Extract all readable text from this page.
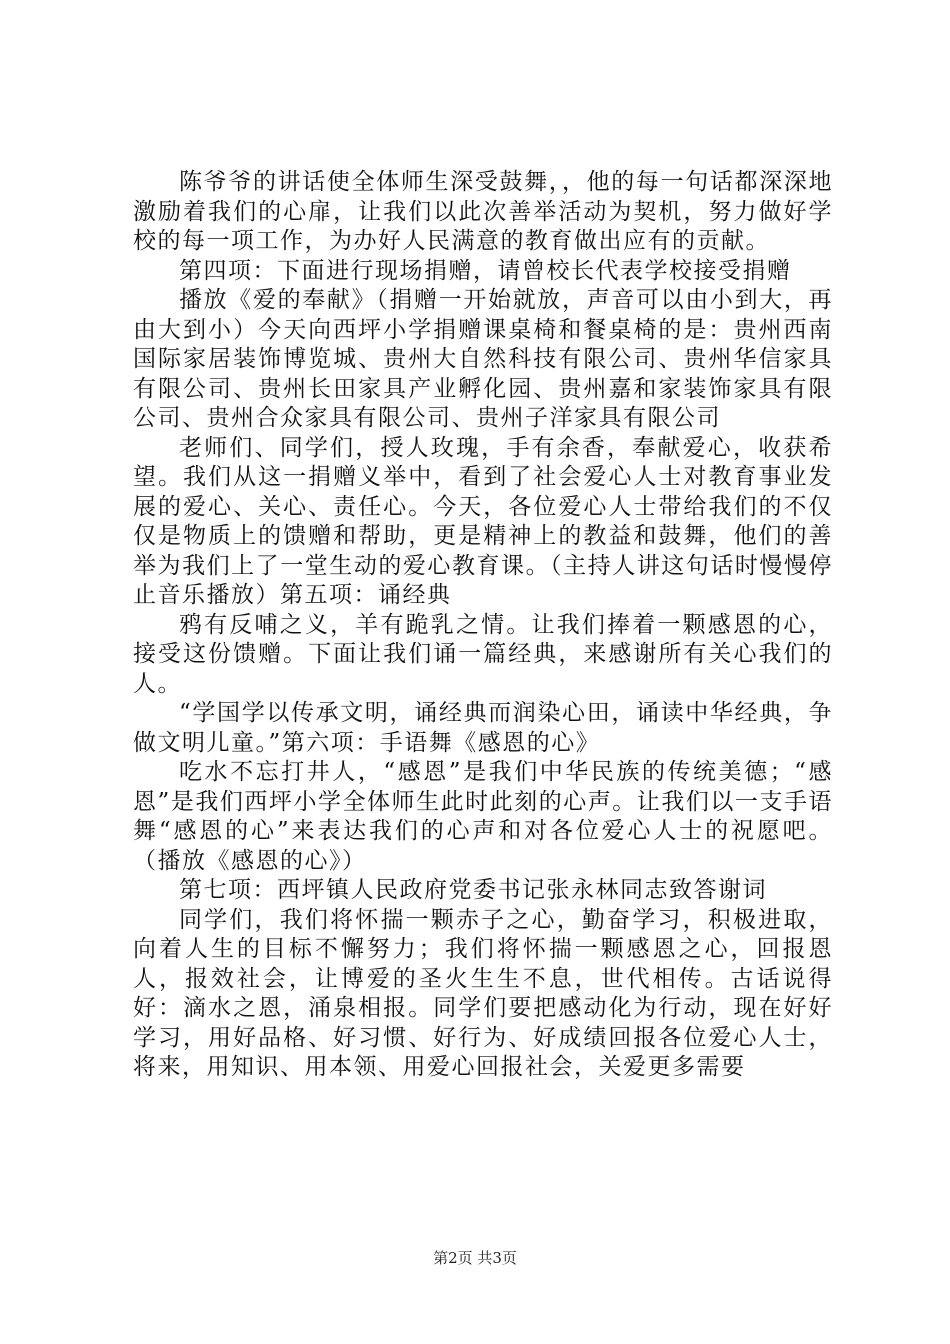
陈爷爷的讲话使全体师生深受鼓舞，，他的每一句话都深深地激励着我们的心扉，让我们以此次善举活动为契机，努力做好学校的每一项工作，为办好人民满意的教育做出应有的贡献。

第四项：下面进行现场捐赠，请曾校长代表学校接受捐赠

播放《爱的奉献》（捐赠一开始就放，声音可以由小到大，再由大到小）今天向西坪小学捐赠课桌椅和餐桌椅的是：贵州西南国际家居装饰博览城、贵州大自然科技有限公司、贵州华信家具有限公司、贵州长田家具产业孵化园、贵州嘉和家装饰家具有限公司、贵州合众家具有限公司、贵州子洋家具有限公司

老师们、同学们，授人玫瑰，手有余香，奉献爱心，收获希望。我们从这一捐赠义举中，看到了社会爱心人士对教育事业发展的爱心、关心、责任心。今天，各位爱心人士带给我们的不仅仅是物质上的馈赠和帮助，更是精神上的教益和鼓舞，他们的善举为我们上了一堂生动的爱心教育课。（主持人讲这句话时慢慢停止音乐播放）第五项：诵经典

鸦有反哺之义，羊有跪乳之情。让我们捧着一颗感恩的心，接受这份馈赠。下面让我们诵一篇经典，来感谢所有关心我们的人。

“学国学以传承文明，诵经典而润染心田，诵读中华经典，争做文明儿童。”第六项：手语舞《感恩的心》

吃水不忘打井人，“感恩”是我们中华民族的传统美德；“感恩”是我们西坪小学全体师生此时此刻的心声。让我们以一支手语舞“感恩的心”来表达我们的心声和对各位爱心人士的祝愿吧。（播放《感恩的心》）

第七项：西坪镇人民政府党委书记张永林同志致答谢词

同学们，我们将怀揣一颗赤子之心，勤奋学习，积极进取，向着人生的目标不懈努力；我们将怀揣一颗感恩之心，回报恩人，报效社会，让博爱的圣火生生不息，世代相传。古话说得好：滴水之恩，涌泉相报。同学们要把感动化为行动，现在好好学习，用好品格、好习惯、好行为、好成绩回报各位爱心人士，将来，用知识、用本领、用爱心回报社会，关爱更多需要

第2页 共3页
